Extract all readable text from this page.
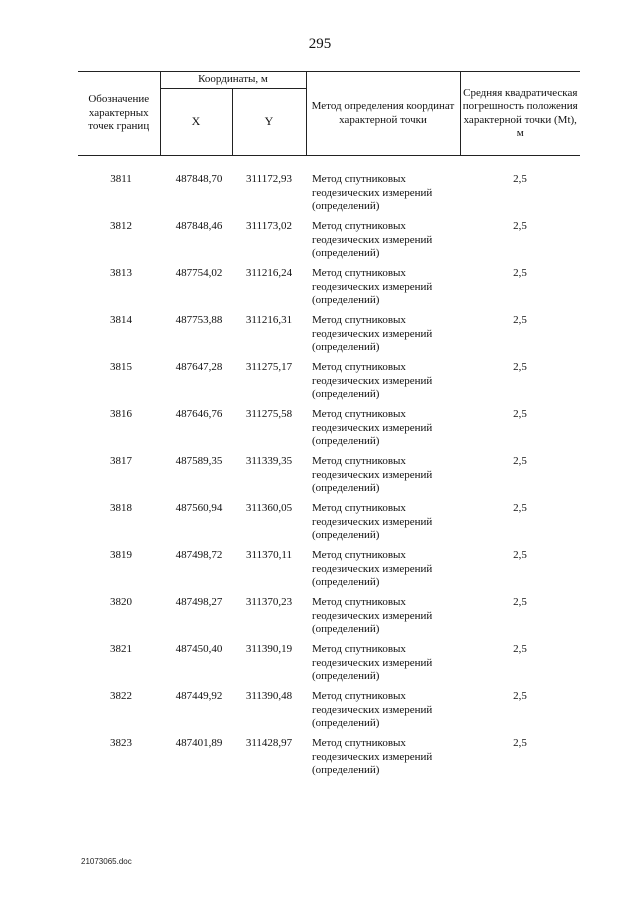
295
Обозначение характерных точек границ	Координаты, м		Метод определения координат характерной точки	Средняя квадратическая погрешность положения характерной точки (Mt), м
	X	Y		

3811	487848,70	311172,93	Метод спутниковых геодезических измерений (определений)	2,5
3812	487848,46	311173,02	Метод спутниковых геодезических измерений (определений)	2,5
3813	487754,02	311216,24	Метод спутниковых геодезических измерений (определений)	2,5
3814	487753,88	311216,31	Метод спутниковых геодезических измерений (определений)	2,5
3815	487647,28	311275,17	Метод спутниковых геодезических измерений (определений)	2,5
3816	487646,76	311275,58	Метод спутниковых геодезических измерений (определений)	2,5
3817	487589,35	311339,35	Метод спутниковых геодезических измерений (определений)	2,5
3818	487560,94	311360,05	Метод спутниковых геодезических измерений (определений)	2,5
3819	487498,72	311370,11	Метод спутниковых геодезических измерений (определений)	2,5
3820	487498,27	311370,23	Метод спутниковых геодезических измерений (определений)	2,5
3821	487450,40	311390,19	Метод спутниковых геодезических измерений (определений)	2,5
3822	487449,92	311390,48	Метод спутниковых геодезических измерений (определений)	2,5
3823	487401,89	311428,97	Метод спутниковых геодезических измерений (определений)	2,5
21073065.doc
